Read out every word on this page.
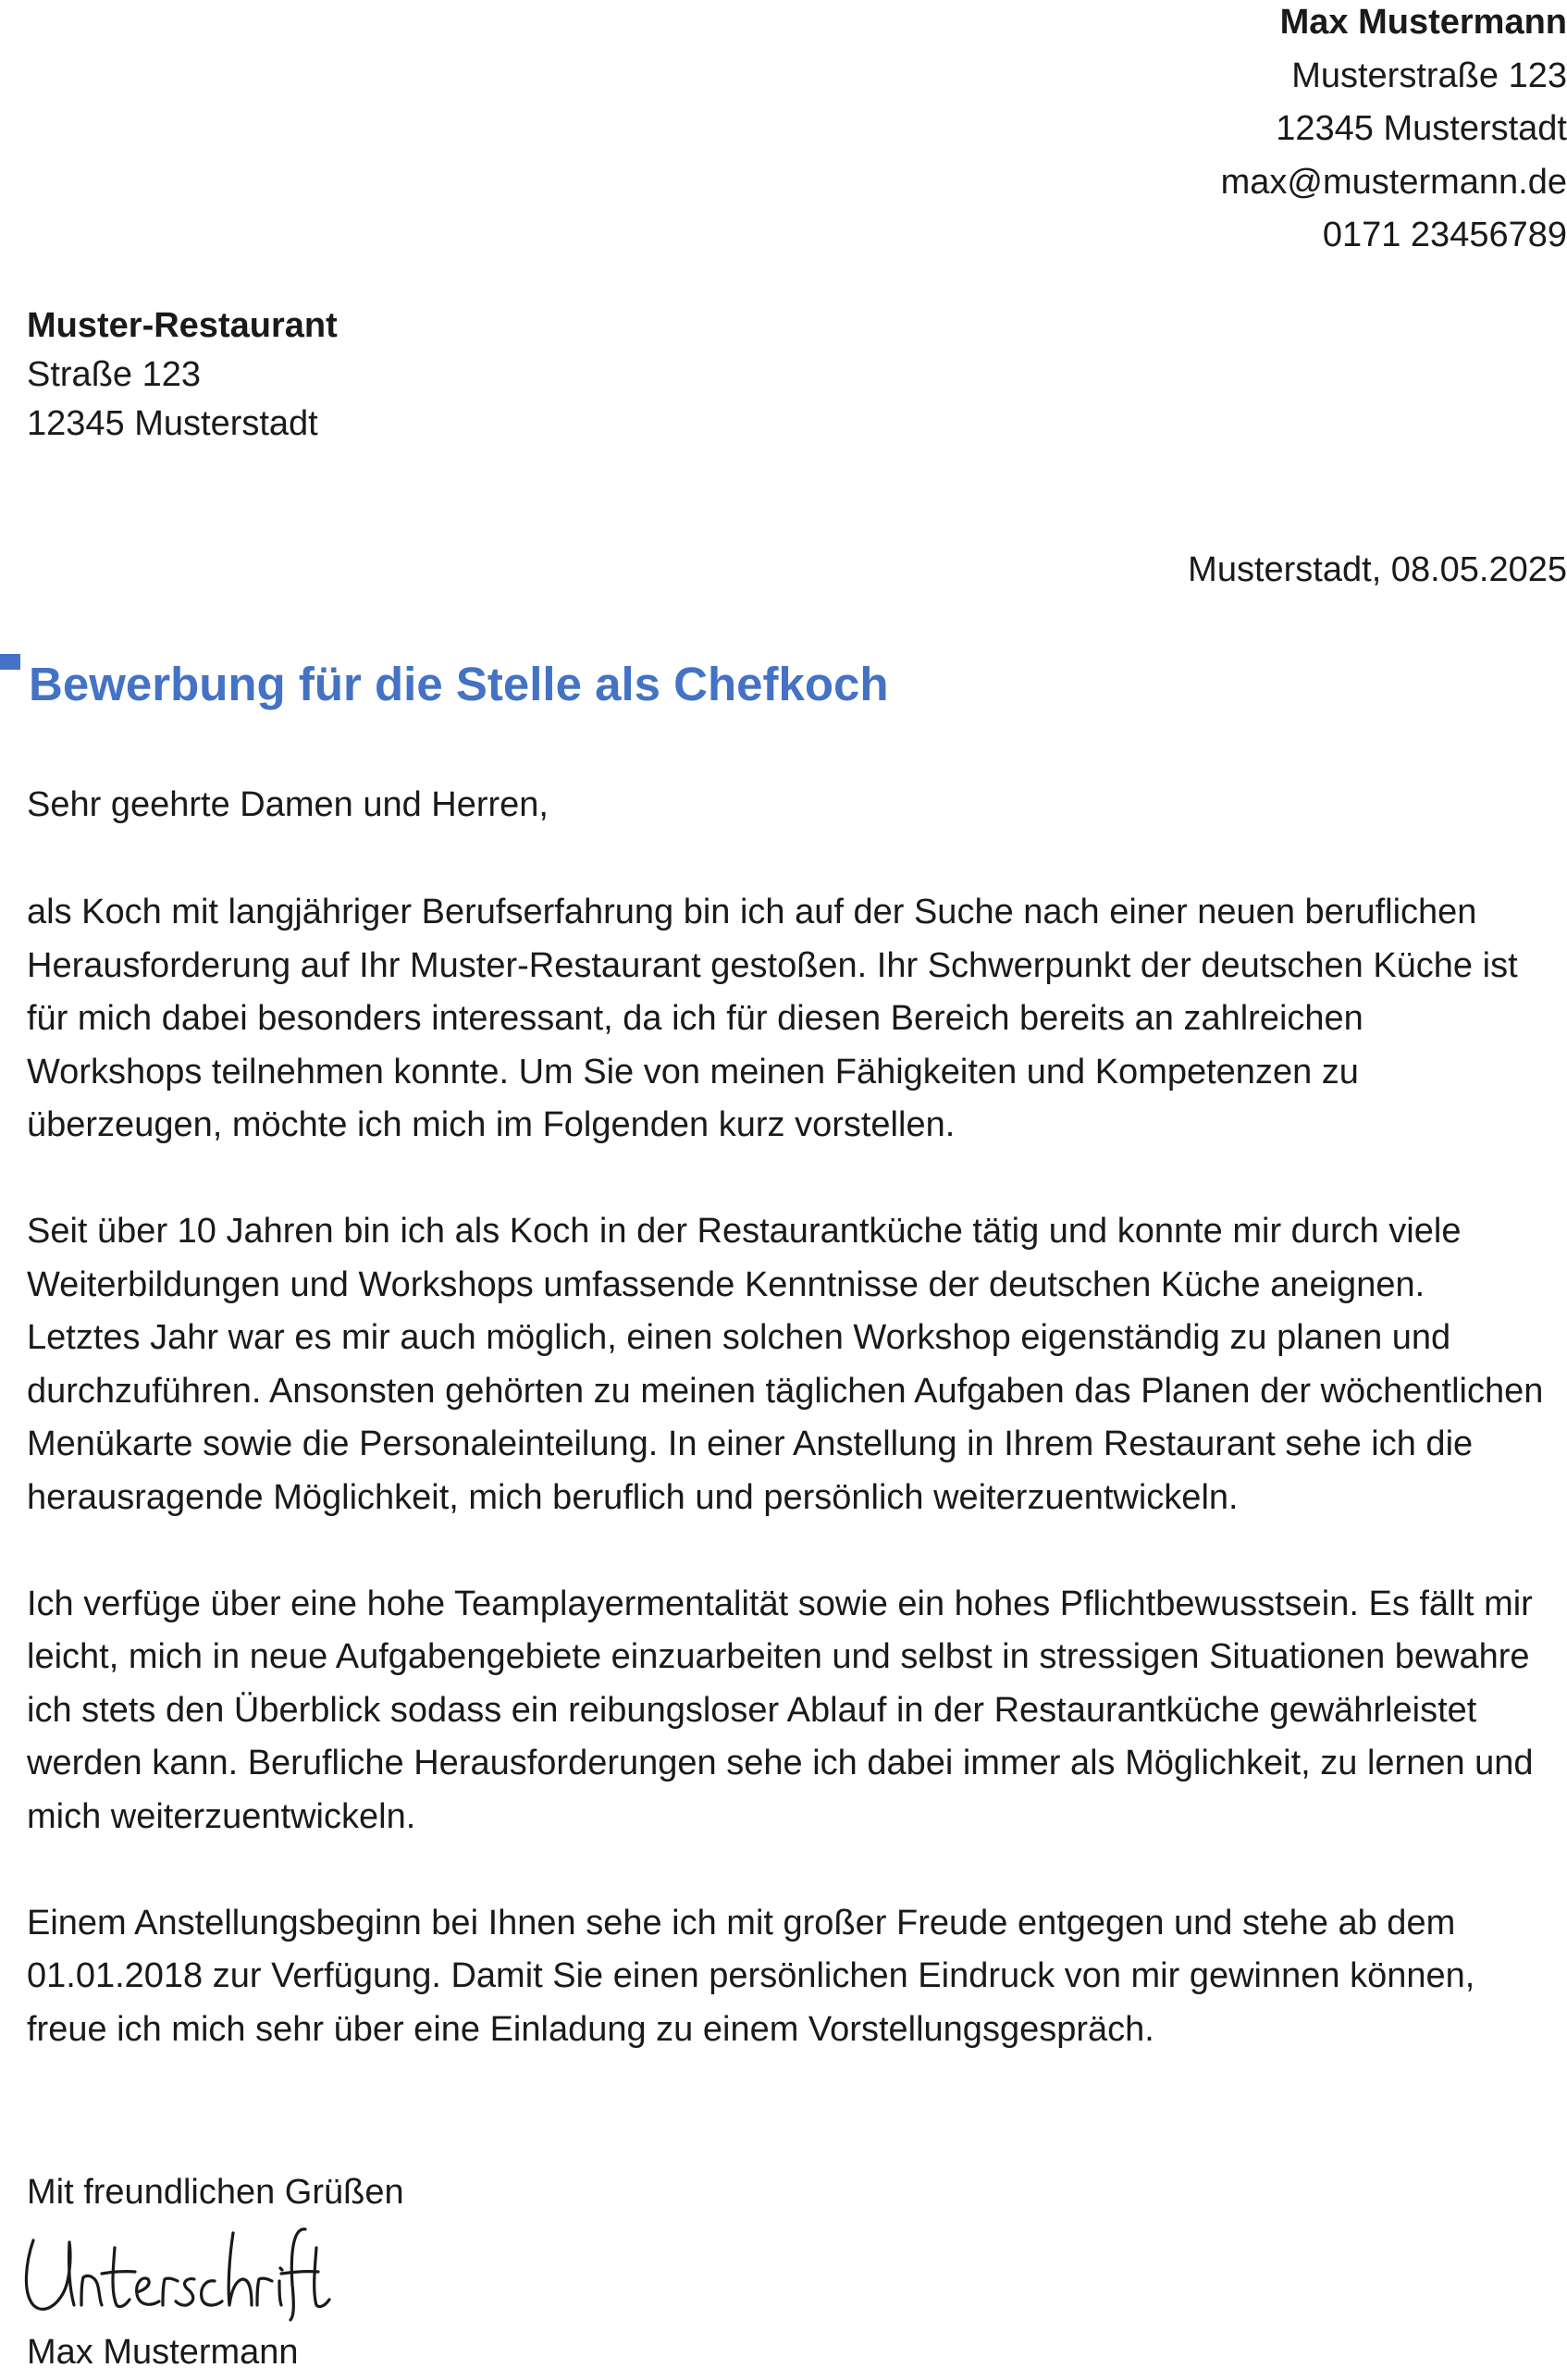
Max Mustermann
Musterstraße 123
12345 Musterstadt
max@mustermann.de
0171 23456789
Muster-Restaurant
Straße 123
12345 Musterstadt
Musterstadt, 08.05.2025
Bewerbung für die Stelle als Chefkoch
Sehr geehrte Damen und Herren,

als Koch mit langjähriger Berufserfahrung bin ich auf der Suche nach einer neuen beruflichen Herausforderung auf Ihr Muster-Restaurant gestoßen. Ihr Schwerpunkt der deutschen Küche ist für mich dabei besonders interessant, da ich für diesen Bereich bereits an zahlreichen Workshops teilnehmen konnte. Um Sie von meinen Fähigkeiten und Kompetenzen zu überzeugen, möchte ich mich im Folgenden kurz vorstellen.

Seit über 10 Jahren bin ich als Koch in der Restaurantküche tätig und konnte mir durch viele Weiterbildungen und Workshops umfassende Kenntnisse der deutschen Küche aneignen. Letztes Jahr war es mir auch möglich, einen solchen Workshop eigenständig zu planen und durchzuführen. Ansonsten gehörten zu meinen täglichen Aufgaben das Planen der wöchentlichen Menükarte sowie die Personaleinteilung. In einer Anstellung in Ihrem Restaurant sehe ich die herausragende Möglichkeit, mich beruflich und persönlich weiterzuentwickeln.

Ich verfüge über eine hohe Teamplayermentalität sowie ein hohes Pflichtbewusstsein. Es fällt mir leicht, mich in neue Aufgabengebiete einzuarbeiten und selbst in stressigen Situationen bewahre ich stets den Überblick sodass ein reibungsloser Ablauf in der Restaurantküche gewährleistet werden kann. Berufliche Herausforderungen sehe ich dabei immer als Möglichkeit, zu lernen und mich weiterzuentwickeln.

Einem Anstellungsbeginn bei Ihnen sehe ich mit großer Freude entgegen und stehe ab dem 01.01.2018 zur Verfügung. Damit Sie einen persönlichen Eindruck von mir gewinnen können, freue ich mich sehr über eine Einladung zu einem Vorstellungsgespräch.

Mit freundlichen Grüßen
Max Mustermann
